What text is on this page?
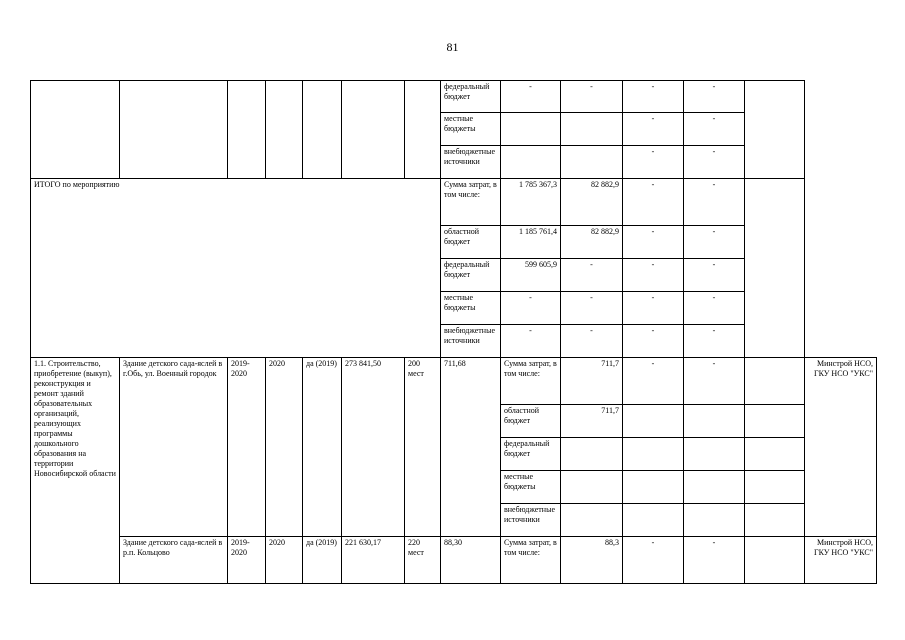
81
							федеральный бюджет	-	-	-	-		
							местные бюджеты			-	-		

							внебюджетные источники			-	-		
ИТОГО по мероприятию							Сумма затрат, в том числе:	1 785 367,3	82 882,9	-	-		
							областной бюджет	1 185 761,4	82 882,9	-	-		
							федеральный бюджет	599 605,9	-	-	-		
							местные бюджеты	-	-	-	-		

							внебюджетные источники	-	-	-	-		
1.1. Строительство, приобретение (выкуп), реконструкция и ремонт зданий образовательных организаций, реализующих программы дошкольного образования на территории Новосибирской области	Здание детского сада-яслей в г.Обь, ул. Военный городок	2019-2020	2020	да (2019)	273 841,50	200 мест	711,68	Сумма затрат, в том числе:	711,7	-	-		Минстрой НСО, ГКУ НСО "УКС"
								областной бюджет	711,7				
								федеральный бюджет					
								местные бюджеты					

								внебюджетные источники					

	Здание детского сада-яслей в р.п. Кольцово	2019-2020	2020	да (2019)	221 630,17	220 мест	88,30	Сумма затрат, в том числе:	88,3	-	-		Минстрой НСО, ГКУ НСО "УКС"
